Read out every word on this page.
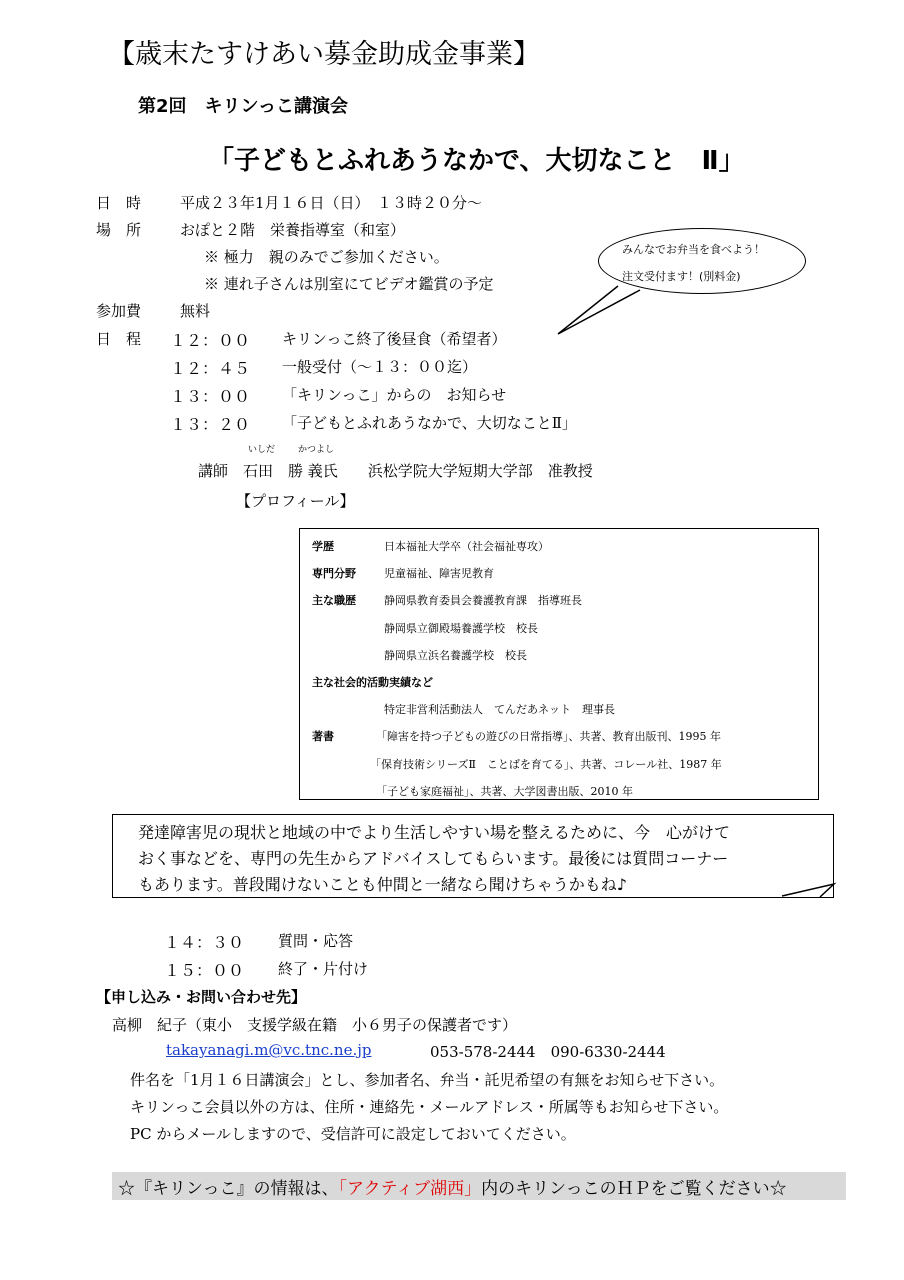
【歳末たすけあい募金助成金事業】
第2回　キリンっこ講演会
「子どもとふれあうなかで、大切なこと　Ⅱ」
日　時	平成２３年1月１６日（日）　１３時２０分～
場　所	おぽと２階　栄養指導室（和室）
※ 極力　親のみでご参加ください。
※ 連れ子さんは別室にてビデオ鑑賞の予定
参加費	無料
日　程 １２：００ キリンっこ終了後昼食（希望者）
１２：４５ 一般受付（～１３：００迄）
１３：００ 「キリンっこ」からの　お知らせ
１３：２０ 「子どもとふれあうなかで、大切なことⅡ」
いしだ	かつよし
講師　石田　勝 義氏　　浜松学院大学短期大学部　准教授
【プロフィール】
みんなでお弁当を食べよう！
注文受付ます！(別料金)
学歴	日本福祉大学卒（社会福祉専攻）
専門分野	児童福祉、障害児教育
主な職歴	静岡県教育委員会養護教育課　指導班長
静岡県立御殿場養護学校　校長
静岡県立浜名養護学校　校長
主な社会的活動実績など
特定非営利活動法人　てんだあネット　理事長
著書	「障害を持つ子どもの遊びの日常指導」、共著、教育出版刊、1995 年
「保育技術シリーズⅡ　ことばを育てる」、共著、コレール社、1987 年
「子ども家庭福祉」、共著、大学図書出版、2010 年
発達障害児の現状と地域の中でより生活しやすい場を整えるために、今　心がけて
おく事などを、専門の先生からアドバイスしてもらいます。最後には質問コーナー
もあります。普段聞けないことも仲間と一緒なら聞けちゃうかもね♪
１４：３０ 質問・応答
１５：００ 終了・片付け
【申し込み・お問い合わせ先】
高柳　紀子（東小　支援学級在籍　小６男子の保護者です）
takayanagi.m@vc.tnc.ne.jp	053-578-2444　090-6330-2444
件名を「1月１６日講演会」とし、参加者名、弁当・託児希望の有無をお知らせ下さい。
キリンっこ会員以外の方は、住所・連絡先・メールアドレス・所属等もお知らせ下さい。
PC からメールしますので、受信許可に設定しておいてください。
☆『キリンっこ』の情報は、「アクティブ湖西」内のキリンっこのＨＰをご覧ください☆
